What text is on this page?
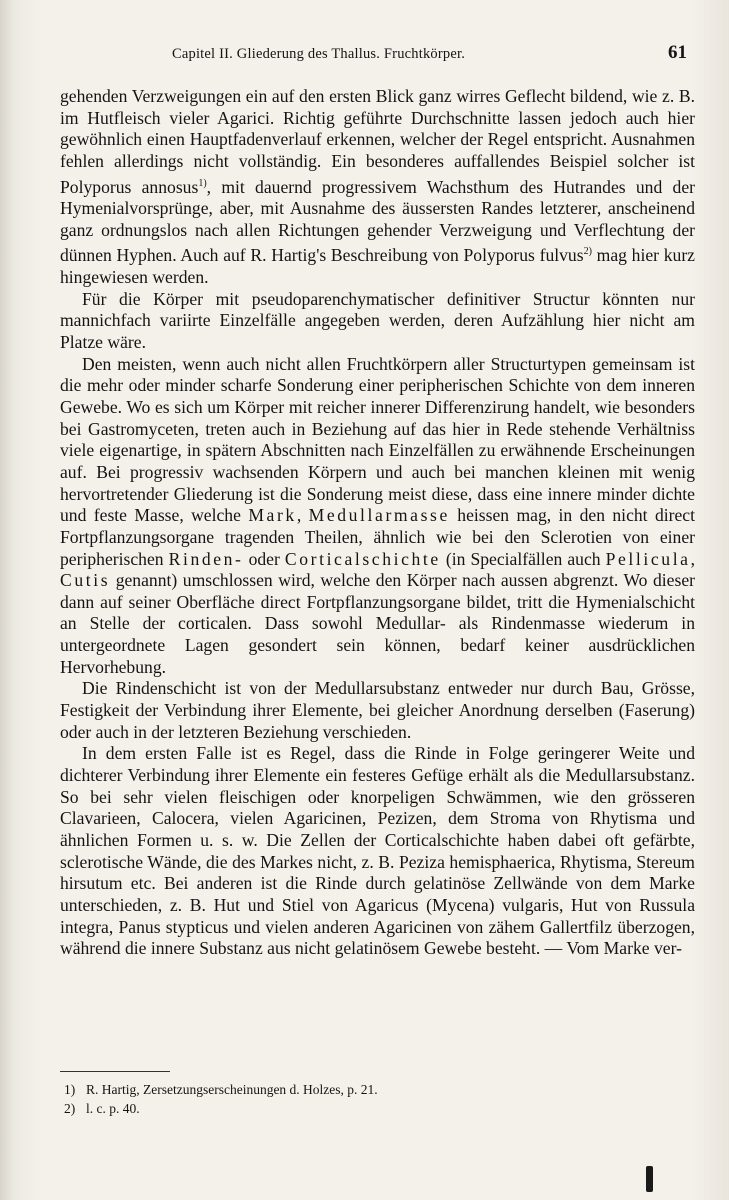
Capitel II. Gliederung des Thallus. Fruchtkörper.	61

gehenden Verzweigungen ein auf den ersten Blick ganz wirres Geflecht bildend, wie z. B. im Hutfleisch vieler Agarici. Richtig geführte Durchschnitte lassen jedoch auch hier gewöhnlich einen Hauptfadenverlauf erkennen, welcher der Regel entspricht. Ausnahmen fehlen allerdings nicht vollständig. Ein besonderes auffallendes Beispiel solcher ist Polyporus annosus$^{1)}$, mit dauernd progressivem Wachsthum des Hutrandes und der Hymenialvorsprünge, aber, mit Ausnahme des äussersten Randes letzterer, anscheinend ganz ordnungslos nach allen Richtungen gehender Verzweigung und Verflechtung der dünnen Hyphen. Auch auf R. Hartig's Beschreibung von Polyporus fulvus$^{2)}$ mag hier kurz hingewiesen werden.

Für die Körper mit pseudoparenchymatischer definitiver Structur könnten nur mannichfach variirte Einzelfälle angegeben werden, deren Aufzählung hier nicht am Platze wäre.

Den meisten, wenn auch nicht allen Fruchtkörpern aller Structurtypen gemeinsam ist die mehr oder minder scharfe Sonderung einer peripherischen Schichte von dem inneren Gewebe. Wo es sich um Körper mit reicher innerer Differenzirung handelt, wie besonders bei Gastromyceten, treten auch in Beziehung auf das hier in Rede stehende Verhältniss viele eigenartige, in spätern Abschnitten nach Einzelfällen zu erwähnende Erscheinungen auf. Bei progressiv wachsenden Körpern und auch bei manchen kleinen mit wenig hervortretender Gliederung ist die Sonderung meist diese, dass eine innere minder dichte und feste Masse, welche Mark, Medullarmasse heissen mag, in den nicht direct Fortpflanzungsorgane tragenden Theilen, ähnlich wie bei den Sclerotien von einer peripherischen Rinden- oder Corticalschichte (in Specialfällen auch Pellicula, Cutis genannt) umschlossen wird, welche den Körper nach aussen abgrenzt. Wo dieser dann auf seiner Oberfläche direct Fortpflanzungsorgane bildet, tritt die Hymenialschicht an Stelle der corticalen. Dass sowohl Medullar- als Rindenmasse wiederum in untergeordnete Lagen gesondert sein können, bedarf keiner ausdrücklichen Hervorhebung.

Die Rindenschicht ist von der Medullarsubstanz entweder nur durch Bau, Grösse, Festigkeit der Verbindung ihrer Elemente, bei gleicher Anordnung derselben (Faserung) oder auch in der letzteren Beziehung verschieden.

In dem ersten Falle ist es Regel, dass die Rinde in Folge geringerer Weite und dichterer Verbindung ihrer Elemente ein festeres Gefüge erhält als die Medullarsubstanz. So bei sehr vielen fleischigen oder knorpeligen Schwämmen, wie den grösseren Clavarieen, Calocera, vielen Agaricinen, Pezizen, dem Stroma von Rhytisma und ähnlichen Formen u. s. w. Die Zellen der Corticalschichte haben dabei oft gefärbte, sclerotische Wände, die des Markes nicht, z. B. Peziza hemisphaerica, Rhytisma, Stereum hirsutum etc. Bei anderen ist die Rinde durch gelatinöse Zellwände von dem Marke unterschieden, z. B. Hut und Stiel von Agaricus (Mycena) vulgaris, Hut von Russula integra, Panus stypticus und vielen anderen Agaricinen von zähem Gallertfilz überzogen, während die innere Substanz aus nicht gelatinösem Gewebe besteht. — Vom Marke ver-

1) R. Hartig, Zersetzungserscheinungen d. Holzes, p. 21.

2) l. c. p. 40.
